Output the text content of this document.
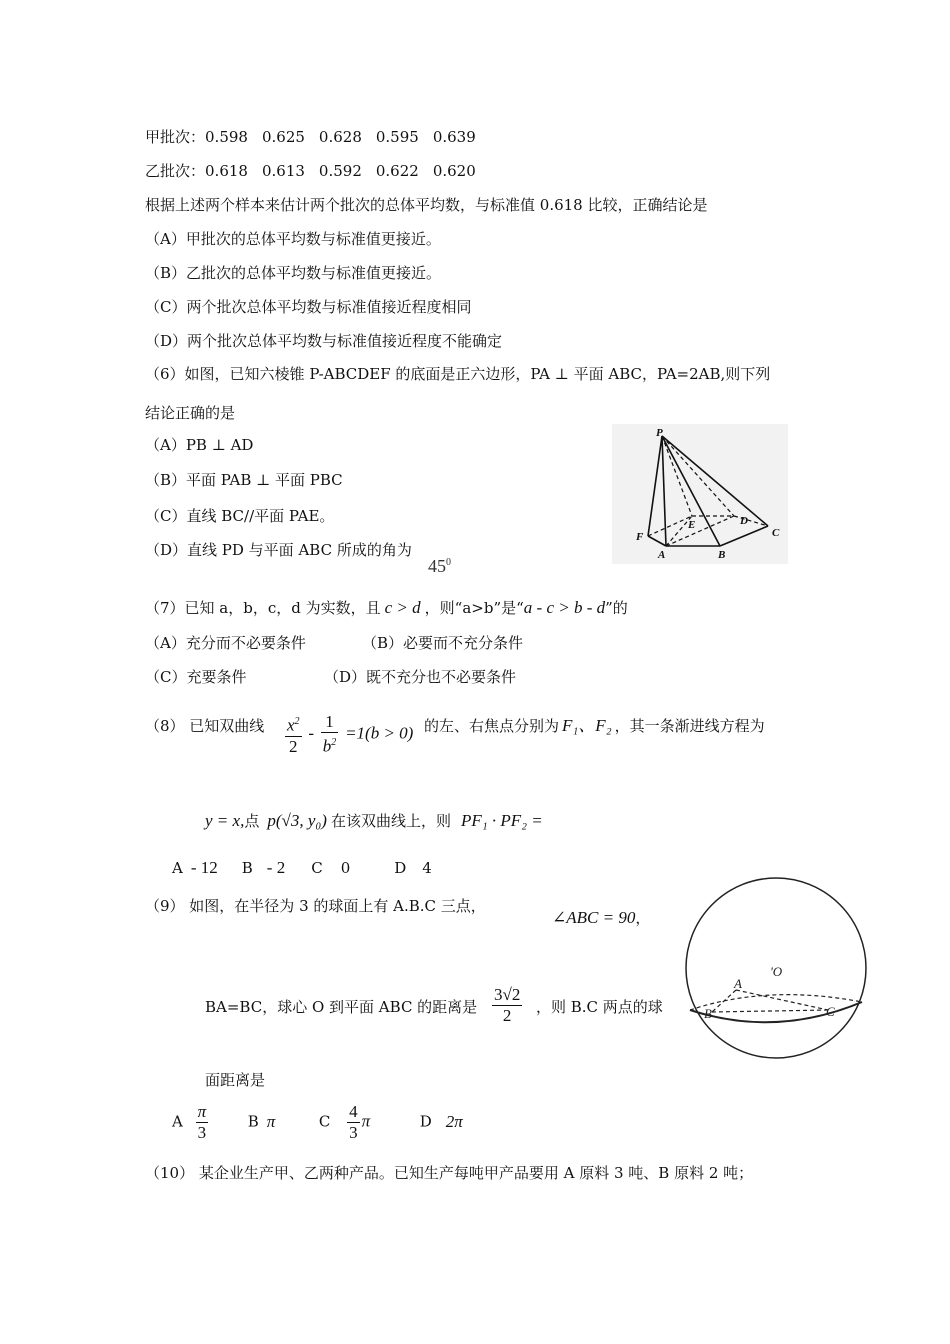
甲批次：0.598 0.625 0.628 0.595 0.639
乙批次：0.618 0.613 0.592 0.622 0.620
根据上述两个样本来估计两个批次的总体平均数，与标准值 0.618 比较，正确结论是
（A）甲批次的总体平均数与标准值更接近。
（B）乙批次的总体平均数与标准值更接近。
（C）两个批次总体平均数与标准值接近程度相同
（D）两个批次总体平均数与标准值接近程度不能确定
（6）如图，已知六棱锥 P-ABCDEF 的底面是正六边形，PA ⊥ 平面 ABC，PA=2AB,则下列
结论正确的是
（A）PB ⊥ AD
（B）平面 PAB ⊥ 平面 PBC
（C）直线 BC//平面 PAE。
（D）直线 PD 与平面 ABC 所成的角为
$45^0$
P
F
A	B
C
D
E
（7）已知 a，b，c，d 为实数，且 c > d ，则“a>b”是“a - c > b - d”的
（A）充分而不必要条件	（B）必要而不充分条件
（C）充要条件	（D）既不充分也不必要条件
（8） 已知双曲线 $\frac{x^2}{2} - \frac{1}{b^2} =1(b > 0)$ 的左、右焦点分别为 F₁、F₂ ，其一条渐进线方程为
y = x,点 p(√3, y₀) 在该双曲线上，则 PF₁ · PF₂ =
A - 12 B - 2 C 0	D 4
（9） 如图，在半径为 3 的球面上有 A.B.C 三点，
∠ABC = 90，
BA=BC，球心 O 到平面 ABC 的距离是 $\frac{3√2}{2}$ ，则 B.C 两点的球
面距离是
A $\frac{\pi}{3}$	B π	C $\frac{4}{3}$ π	D 2π
'O
A
B	C
（10） 某企业生产甲、乙两种产品。已知生产每吨甲产品要用 A 原料 3 吨、B 原料 2 吨；
